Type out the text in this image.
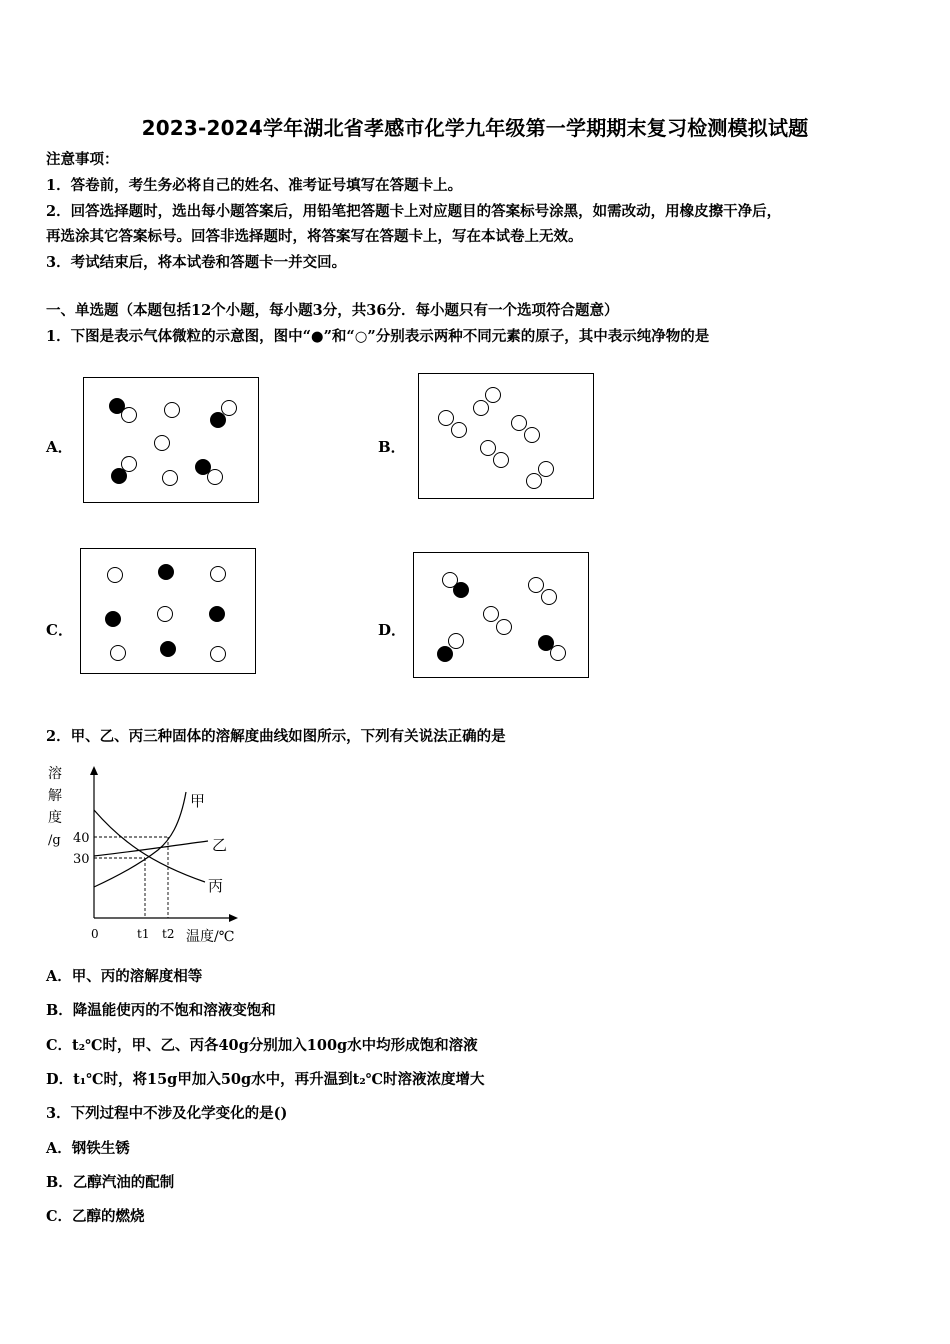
2023-2024学年湖北省孝感市化学九年级第一学期期末复习检测模拟试题
注意事项：
1．答卷前，考生务必将自己的姓名、准考证号填写在答题卡上。
2．回答选择题时，选出每小题答案后，用铅笔把答题卡上对应题目的答案标号涂黑，如需改动，用橡皮擦干净后，
再选涂其它答案标号。回答非选择题时，将答案写在答题卡上，写在本试卷上无效。
3．考试结束后，将本试卷和答题卡一并交回。
一、单选题（本题包括12个小题，每小题3分，共36分．每小题只有一个选项符合题意）
1．下图是表示气体微粒的示意图，图中“●”和“○”分别表示两种不同元素的原子，其中表示纯净物的是
A．	B．
C．	D．
2．甲、乙、丙三种固体的溶解度曲线如图所示，下列有关说法正确的是
溶
解
度
/g 40
30
0	t1 t2 温度/℃
甲
乙
丙
A．甲、丙的溶解度相等
B．降温能使丙的不饱和溶液变饱和
C．t₂℃时，甲、乙、丙各40g分别加入100g水中均形成饱和溶液
D．t₁℃时，将15g甲加入50g水中，再升温到t₂℃时溶液浓度增大
3．下列过程中不涉及化学变化的是()
A．钢铁生锈
B．乙醇汽油的配制
C．乙醇的燃烧
